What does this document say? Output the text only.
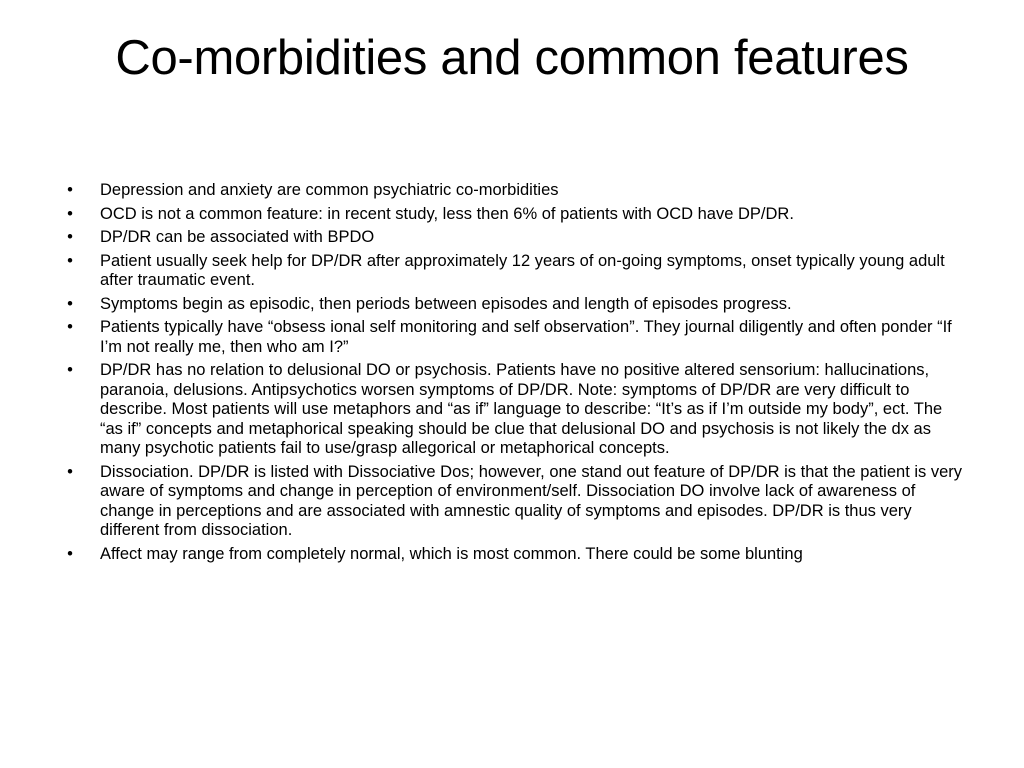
Co-morbidities and common features
•	Depression and anxiety are common psychiatric co-morbidities
•	OCD is not a common feature: in recent study, less then 6% of patients with OCD have DP/DR.
•	DP/DR can be associated with BPDO
•	Patient usually seek help for DP/DR after approximately 12 years of on-going symptoms, onset typically young adult after traumatic event.
•	Symptoms begin as episodic, then periods between episodes and length of episodes progress.
•	Patients typically have “obsess ional self monitoring and self observation”. They journal diligently and often ponder “If I’m not really me, then who am I?”
•	DP/DR has no relation to delusional DO or psychosis. Patients have no positive altered sensorium: hallucinations, paranoia, delusions. Antipsychotics worsen symptoms of DP/DR. Note: symptoms of DP/DR are very difficult to describe. Most patients will use metaphors and “as if” language to describe: “It’s as if I’m outside my body”, ect. The “as if” concepts and metaphorical speaking should be clue that delusional DO and psychosis is not likely the dx as many psychotic patients fail to use/grasp allegorical or metaphorical concepts.
•	Dissociation. DP/DR is listed with Dissociative Dos; however, one stand out feature of DP/DR is that the patient is very aware of symptoms and change in perception of environment/self. Dissociation DO involve lack of awareness of change in perceptions and are associated with amnestic quality of symptoms and episodes. DP/DR is thus very different from dissociation.
•	Affect may range from completely normal, which is most common. There could be some blunting
